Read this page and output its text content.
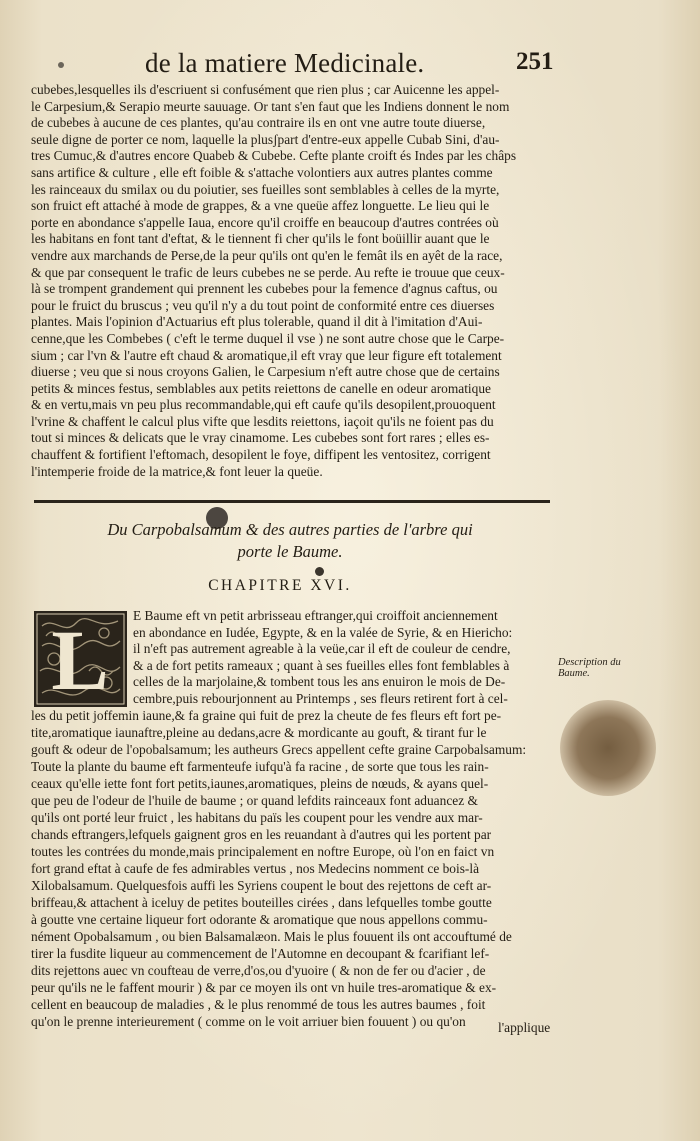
de la matiere Medicinale.	251
cubebes,lesquelles ils d'escriuent si confusément que rien plus ; car Auicenne les appel-
le Carpesium,& Serapio meurte sauuage. Or tant s'en faut que les Indiens donnent le nom
de cubebes à aucune de ces plantes, qu'au contraire ils en ont vne autre toute diuerse,
seule digne de porter ce nom, laquelle la plusʃpart d'entre-eux appelle Cubab Sini, d'au-
tres Cumuc,& d'autres encore Quabeb & Cubebe. Cefte plante croift és Indes par les châps
sans artifice & culture , elle eft foible & s'attache volontiers aux autres plantes comme
les rainceaux du smilax ou du poiutier, ses fueilles sont semblables à celles de la myrte,
son fruict eft attaché à mode de grappes, & a vne queüe affez longuette. Le lieu qui le
porte en abondance s'appelle Iaua, encore qu'il croiffe en beaucoup d'autres contrées où
les habitans en font tant d'eftat, & le tiennent fi cher qu'ils le font boüillir auant que le
vendre aux marchands de Perse,de la peur qu'ils ont qu'en le femât ils en ayêt de la race,
& que par consequent le trafic de leurs cubebes ne se perde. Au refte ie trouue que ceux-
là se trompent grandement qui prennent les cubebes pour la femence d'agnus caftus, ou
pour le fruict du bruscus ; veu qu'il n'y a du tout point de conformité entre ces diuerses
plantes. Mais l'opinion d'Actuarius eft plus tolerable, quand il dit à l'imitation d'Aui-
cenne,que les Combebes ( c'eft le terme duquel il vse ) ne sont autre chose que le Carpe-
sium ; car l'vn & l'autre eft chaud & aromatique,il eft vray que leur figure eft totalement
diuerse ; veu que si nous croyons Galien, le Carpesium n'eft autre chose que de certains
petits & minces festus, semblables aux petits reiettons de canelle en odeur aromatique
& en vertu,mais vn peu plus recommandable,qui eft caufe qu'ils desopilent,prouoquent
l'vrine & chaffent le calcul plus vifte que lesdits reiettons, iaçoit qu'ils ne foient pas du
tout si minces & delicats que le vray cinamome. Les cubebes sont fort rares ; elles es-
chauffent & fortifient l'eftomach, desopilent le foye, diffipent les ventositez, corrigent
l'intemperie froide de la matrice,& font leuer la queüe.
Du Carpobalsamum & des autres parties de l'arbre qui
porte le Baume.
CHAPITRE XVI.
L E Baume eft vn petit arbrisseau eftranger,qui croiffoit anciennement
en abondance en Iudée, Egypte, & en la valée de Syrie, & en Hiericho:
il n'eft pas autrement agreable à la veüe,car il eft de couleur de cendre,
& a de fort petits rameaux ; quant à ses fueilles elles font femblables à
celles de la marjolaine,& tombent tous les ans enuiron le mois de De-
cembre,puis rebourjonnent au Printemps , ses fleurs retirent fort à cel-
Description du
Baume.
les du petit joffemin iaune,& fa graine qui fuit de prez la cheute de fes fleurs eft fort pe-
tite,aromatique iaunaftre,pleine au dedans,acre & mordicante au gouft, & tirant fur le
gouft & odeur de l'opobalsamum; les autheurs Grecs appellent cefte graine Carpobalsamum:
Toute la plante du baume eft farmenteufe iufqu'à fa racine , de sorte que tous les rain-
ceaux qu'elle iette font fort petits,iaunes,aromatiques, pleins de nœuds, & ayans quel-
que peu de l'odeur de l'huile de baume ; or quand lefdits rainceaux font aduancez &
qu'ils ont porté leur fruict , les habitans du païs les coupent pour les vendre aux mar-
chands eftrangers,lefquels gaignent gros en les reuandant à d'autres qui les portent par
toutes les contrées du monde,mais principalement en noftre Europe, où l'on en faict vn
fort grand eftat à caufe de fes admirables vertus , nos Medecins nomment ce bois-là
Xilobalsamum. Quelquesfois auffi les Syriens coupent le bout des rejettons de ceft ar-
briffeau,& attachent à iceluy de petites bouteilles cirées , dans lefquelles tombe goutte
à goutte vne certaine liqueur fort odorante & aromatique que nous appellons commu-
nément Opobalsamum , ou bien Balsamalæon. Mais le plus fouuent ils ont accouftumé de
tirer la fusdite liqueur au commencement de l'Automne en decoupant & fcarifiant lef-
dits rejettons auec vn coufteau de verre,d'os,ou d'yuoire ( & non de fer ou d'acier , de
peur qu'ils ne le faffent mourir ) & par ce moyen ils ont vn huile tres-aromatique & ex-
cellent en beaucoup de maladies , & le plus renommé de tous les autres baumes , foit
qu'on le prenne interieurement ( comme on le voit arriuer bien fouuent ) ou qu'on	l'applique
